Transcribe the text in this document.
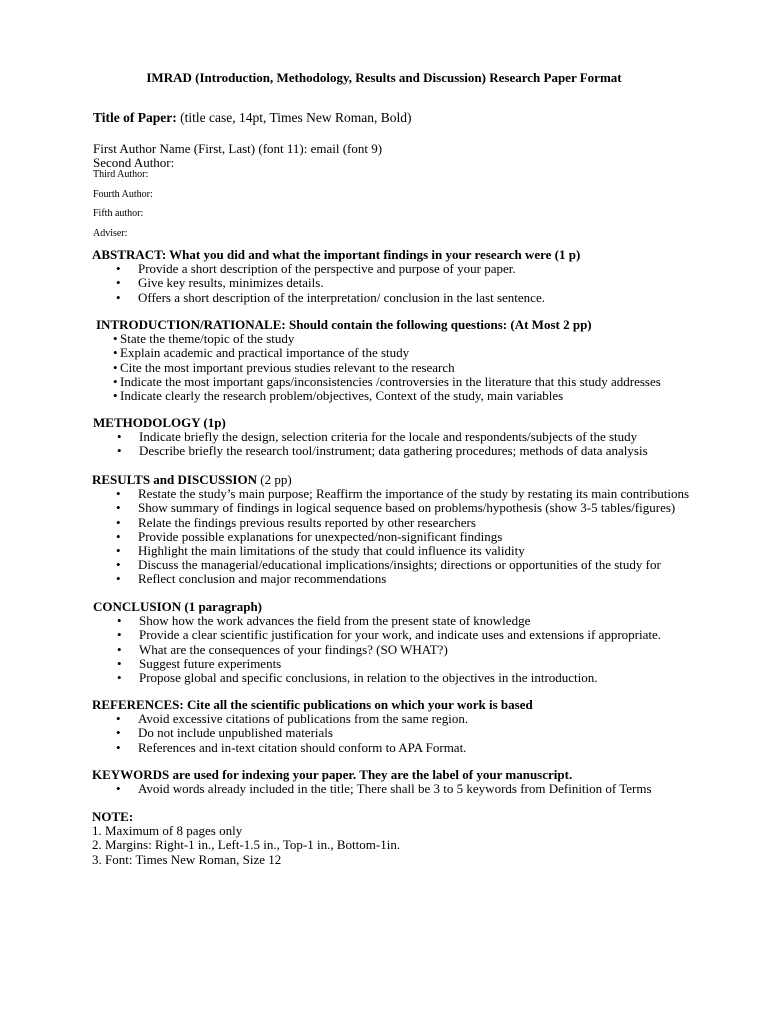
IMRAD (Introduction, Methodology, Results and Discussion) Research Paper Format
Title of Paper: (title case, 14pt, Times New Roman, Bold)
First Author Name (First, Last) (font 11): email (font 9)
Second Author:
Third Author:
Fourth Author:
Fifth author:
Adviser:
ABSTRACT: What you did and what the important findings in your research were (1 p)
• Provide a short description of the perspective and purpose of your paper.
• Give key results, minimizes details.
• Offers a short description of the interpretation/ conclusion in the last sentence.
INTRODUCTION/RATIONALE: Should contain the following questions: (At Most 2 pp)
• State the theme/topic of the study
• Explain academic and practical importance of the study
• Cite the most important previous studies relevant to the research
• Indicate the most important gaps/inconsistencies /controversies in the literature that this study addresses
• Indicate clearly the research problem/objectives, Context of the study, main variables
METHODOLOGY (1p)
• Indicate briefly the design, selection criteria for the locale and respondents/subjects of the study
• Describe briefly the research tool/instrument; data gathering procedures; methods of data analysis
RESULTS and DISCUSSION (2 pp)
• Restate the study’s main purpose; Reaffirm the importance of the study by restating its main contributions
• Show summary of findings in logical sequence based on problems/hypothesis (show 3-5 tables/figures)
• Relate the findings previous results reported by other researchers
• Provide possible explanations for unexpected/non-significant findings
• Highlight the main limitations of the study that could influence its validity
• Discuss the managerial/educational implications/insights; directions or opportunities of the study for
• Reflect conclusion and major recommendations
CONCLUSION (1 paragraph)
• Show how the work advances the field from the present state of knowledge
• Provide a clear scientific justification for your work, and indicate uses and extensions if appropriate.
• What are the consequences of your findings? (SO WHAT?)
• Suggest future experiments
• Propose global and specific conclusions, in relation to the objectives in the introduction.
REFERENCES: Cite all the scientific publications on which your work is based
• Avoid excessive citations of publications from the same region.
• Do not include unpublished materials
• References and in-text citation should conform to APA Format.
KEYWORDS are used for indexing your paper. They are the label of your manuscript.
• Avoid words already included in the title; There shall be 3 to 5 keywords from Definition of Terms
NOTE:
1. Maximum of 8 pages only
2. Margins: Right-1 in., Left-1.5 in., Top-1 in., Bottom-1in.
3. Font: Times New Roman, Size 12
